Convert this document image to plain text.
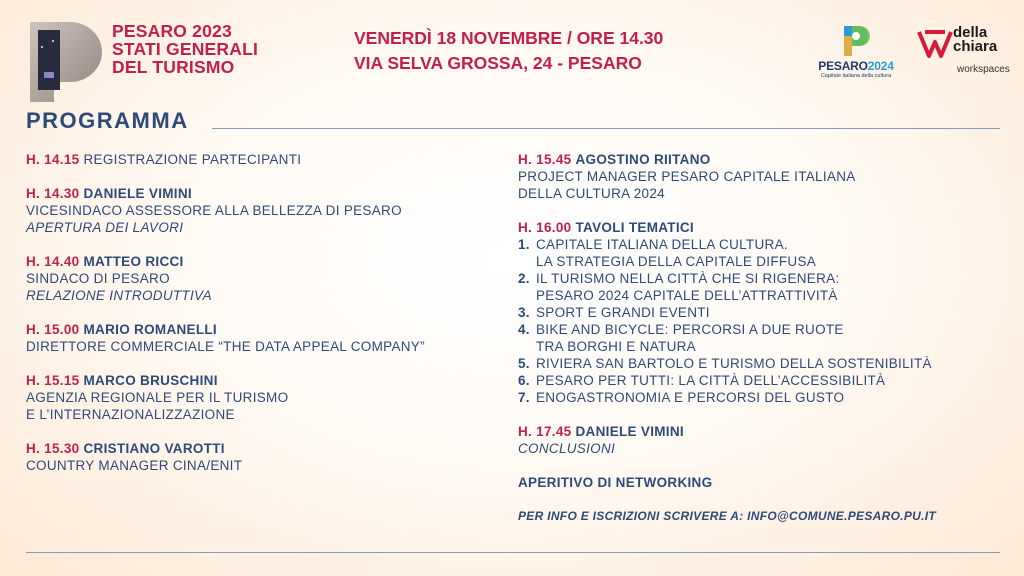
PESARO 2023
STATI GENERALI
DEL TURISMO
VENERDÌ 18 NOVEMBRE / ORE 14.30
VIA SELVA GROSSA, 24 - PESARO	PESARO2024
Capitale italiana della cultura
della
chiara
workspaces
PROGRAMMA
H. 14.15 REGISTRAZIONE PARTECIPANTI
H. 14.30 DANIELE VIMINI
VICESINDACO ASSESSORE ALLA BELLEZZA DI PESARO
APERTURA DEI LAVORI
H. 14.40 MATTEO RICCI
SINDACO DI PESARO
RELAZIONE INTRODUTTIVA
H. 15.00 MARIO ROMANELLI
DIRETTORE COMMERCIALE “THE DATA APPEAL COMPANY”
H. 15.15 MARCO BRUSCHINI
AGENZIA REGIONALE PER IL TURISMO
E L’INTERNAZIONALIZZAZIONE
H. 15.30 CRISTIANO VAROTTI
COUNTRY MANAGER CINA/ENIT
H. 15.45 AGOSTINO RIITANO
PROJECT MANAGER PESARO CAPITALE ITALIANA
DELLA CULTURA 2024
H. 16.00 TAVOLI TEMATICI
1. CAPITALE ITALIANA DELLA CULTURA.
LA STRATEGIA DELLA CAPITALE DIFFUSA
2. IL TURISMO NELLA CITTÀ CHE SI RIGENERA:
PESARO 2024 CAPITALE DELL’ATTRATTIVITÀ
3. SPORT E GRANDI EVENTI
4. BIKE AND BICYCLE: PERCORSI A DUE RUOTE
TRA BORGHI E NATURA
5. RIVIERA SAN BARTOLO E TURISMO DELLA SOSTENIBILITÀ
6. PESARO PER TUTTI: LA CITTÀ DELL’ACCESSIBILITÀ
7. ENOGASTRONOMIA E PERCORSI DEL GUSTO
H. 17.45 DANIELE VIMINI
CONCLUSIONI
APERITIVO DI NETWORKING
PER INFO E ISCRIZIONI SCRIVERE A: INFO@COMUNE.PESARO.PU.IT
